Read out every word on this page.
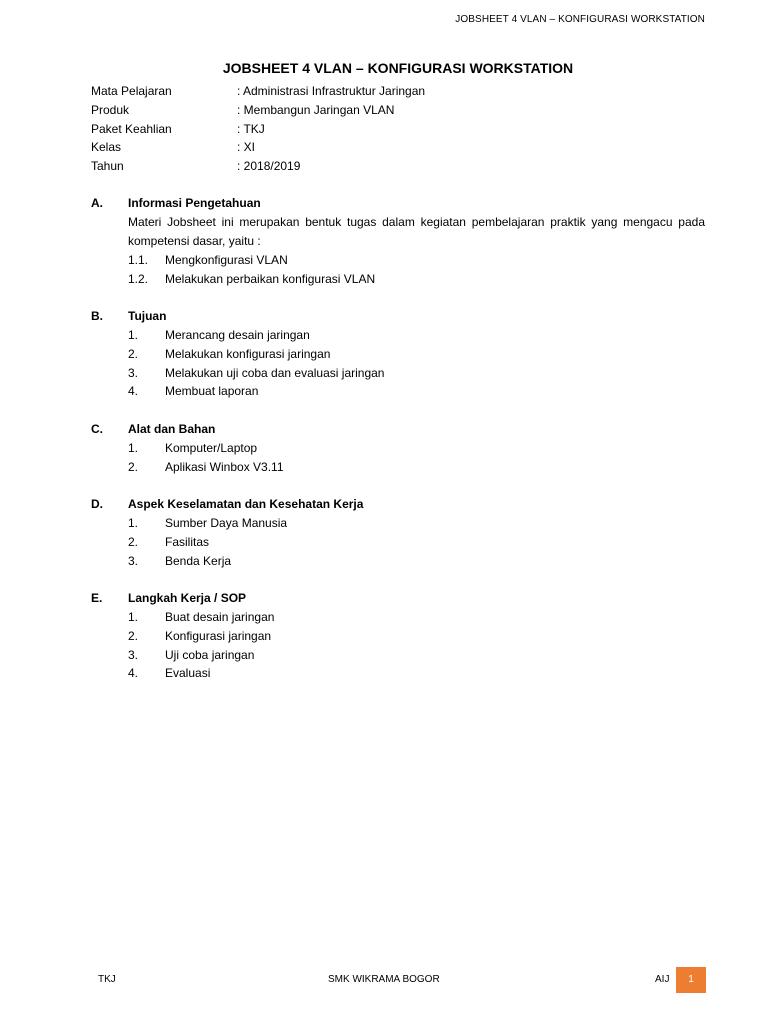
JOBSHEET 4 VLAN – KONFIGURASI WORKSTATION
JOBSHEET 4 VLAN – KONFIGURASI WORKSTATION
Mata Pelajaran	: Administrasi Infrastruktur Jaringan
Produk	: Membangun Jaringan VLAN
Paket Keahlian	: TKJ
Kelas	: XI
Tahun	: 2018/2019
A. Informasi Pengetahuan
Materi Jobsheet ini merupakan bentuk tugas dalam kegiatan pembelajaran praktik yang mengacu pada kompetensi dasar, yaitu :
1.1. Mengkonfigurasi VLAN
1.2. Melakukan perbaikan konfigurasi VLAN
B. Tujuan
1. Merancang desain jaringan
2. Melakukan konfigurasi jaringan
3. Melakukan uji coba dan evaluasi jaringan
4. Membuat laporan
C. Alat dan Bahan
1. Komputer/Laptop
2. Aplikasi Winbox V3.11
D. Aspek Keselamatan dan Kesehatan Kerja
1. Sumber Daya Manusia
2. Fasilitas
3. Benda Kerja
E. Langkah Kerja / SOP
1. Buat desain jaringan
2. Konfigurasi jaringan
3. Uji coba jaringan
4. Evaluasi
TKJ	SMK WIKRAMA BOGOR	AIJ	1
